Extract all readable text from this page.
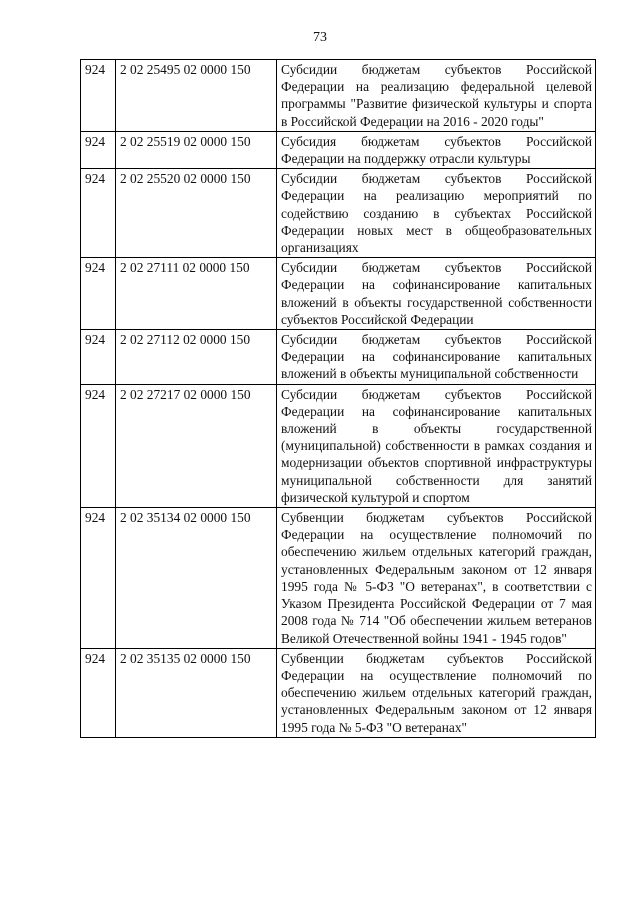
73
924	2 02 25495 02 0000 150	Субсидии бюджетам субъектов Российской Федерации на реализацию федеральной целевой программы "Развитие физической культуры и спорта в Российской Федерации на 2016 - 2020 годы"
924	2 02 25519 02 0000 150	Субсидия бюджетам субъектов Российской Федерации на поддержку отрасли культуры
924	2 02 25520 02 0000 150	Субсидии бюджетам субъектов Российской Федерации на реализацию мероприятий по содействию созданию в субъектах Российской Федерации новых мест в общеобразовательных организациях
924	2 02 27111 02 0000 150	Субсидии бюджетам субъектов Российской Федерации на софинансирование капитальных вложений в объекты государственной собственности субъектов Российской Федерации
924	2 02 27112 02 0000 150	Субсидии бюджетам субъектов Российской Федерации на софинансирование капитальных вложений в объекты муниципальной собственности
924	2 02 27217 02 0000 150	Субсидии бюджетам субъектов Российской Федерации на софинансирование капитальных вложений в объекты государственной (муниципальной) собственности в рамках создания и модернизации объектов спортивной инфраструктуры муниципальной собственности для занятий физической культурой и спортом
924	2 02 35134 02 0000 150	Субвенции бюджетам субъектов Российской Федерации на осуществление полномочий по обеспечению жильем отдельных категорий граждан, установленных Федеральным законом от 12 января 1995 года № 5-ФЗ "О ветеранах", в соответствии с Указом Президента Российской Федерации от 7 мая 2008 года № 714 "Об обеспечении жильем ветеранов Великой Отечественной войны 1941 - 1945 годов"
924	2 02 35135 02 0000 150	Субвенции бюджетам субъектов Российской Федерации на осуществление полномочий по обеспечению жильем отдельных категорий граждан, установленных Федеральным законом от 12 января 1995 года № 5-ФЗ "О ветеранах"
